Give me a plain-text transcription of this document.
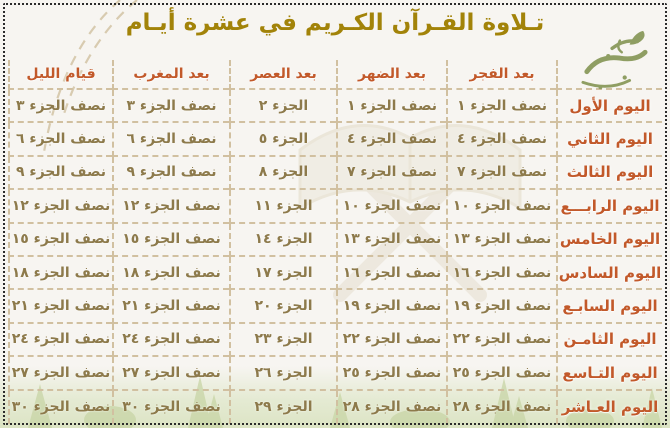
تـلاوة القـرآن الكـريم في عشرة أيـام
بعد الفجر
بعد الضهر
بعد العصر
بعد المغرب
قيام الليل
اليوم الأول
نصف الجزء ١
نصف الجزء ١
الجزء ٢
نصف الجزء ٣
نصف الجزء ٣
اليوم الثاني
نصف الجزء ٤
نصف الجزء ٤
الجزء ٥
نصف الجزء ٦
نصف الجزء ٦
اليوم الثالث
نصف الجزء ٧
نصف الجزء ٧
الجزء ٨
نصف الجزء ٩
نصف الجزء ٩
اليوم الرابـــع
نصف الجزء ١٠
نصف الجزء ١٠
الجزء ١١
نصف الجزء ١٢
نصف الجزء ١٢
اليوم الخامس
نصف الجزء ١٣
نصف الجزء ١٣
الجزء ١٤
نصف الجزء ١٥
نصف الجزء ١٥
اليوم السادس
نصف الجزء ١٦
نصف الجزء ١٦
الجزء ١٧
نصف الجزء ١٨
نصف الجزء ١٨
اليوم السابـع
نصف الجزء ١٩
نصف الجزء ١٩
الجزء ٢٠
نصف الجزء ٢١
نصف الجزء ٢١
اليوم الثامـن
نصف الجزء ٢٢
نصف الجزء ٢٢
الجزء ٢٣
نصف الجزء ٢٤
نصف الجزء ٢٤
اليوم التـاسع
نصف الجزء ٢٥
نصف الجزء ٢٥
الجزء ٢٦
نصف الجزء ٢٧
نصف الجزء ٢٧
اليوم العـاشر
نصف الجزء ٢٨
نصف الجزء ٢٨
الجزء ٢٩
نصف الجزء ٣٠
نصف الجزء ٣٠
